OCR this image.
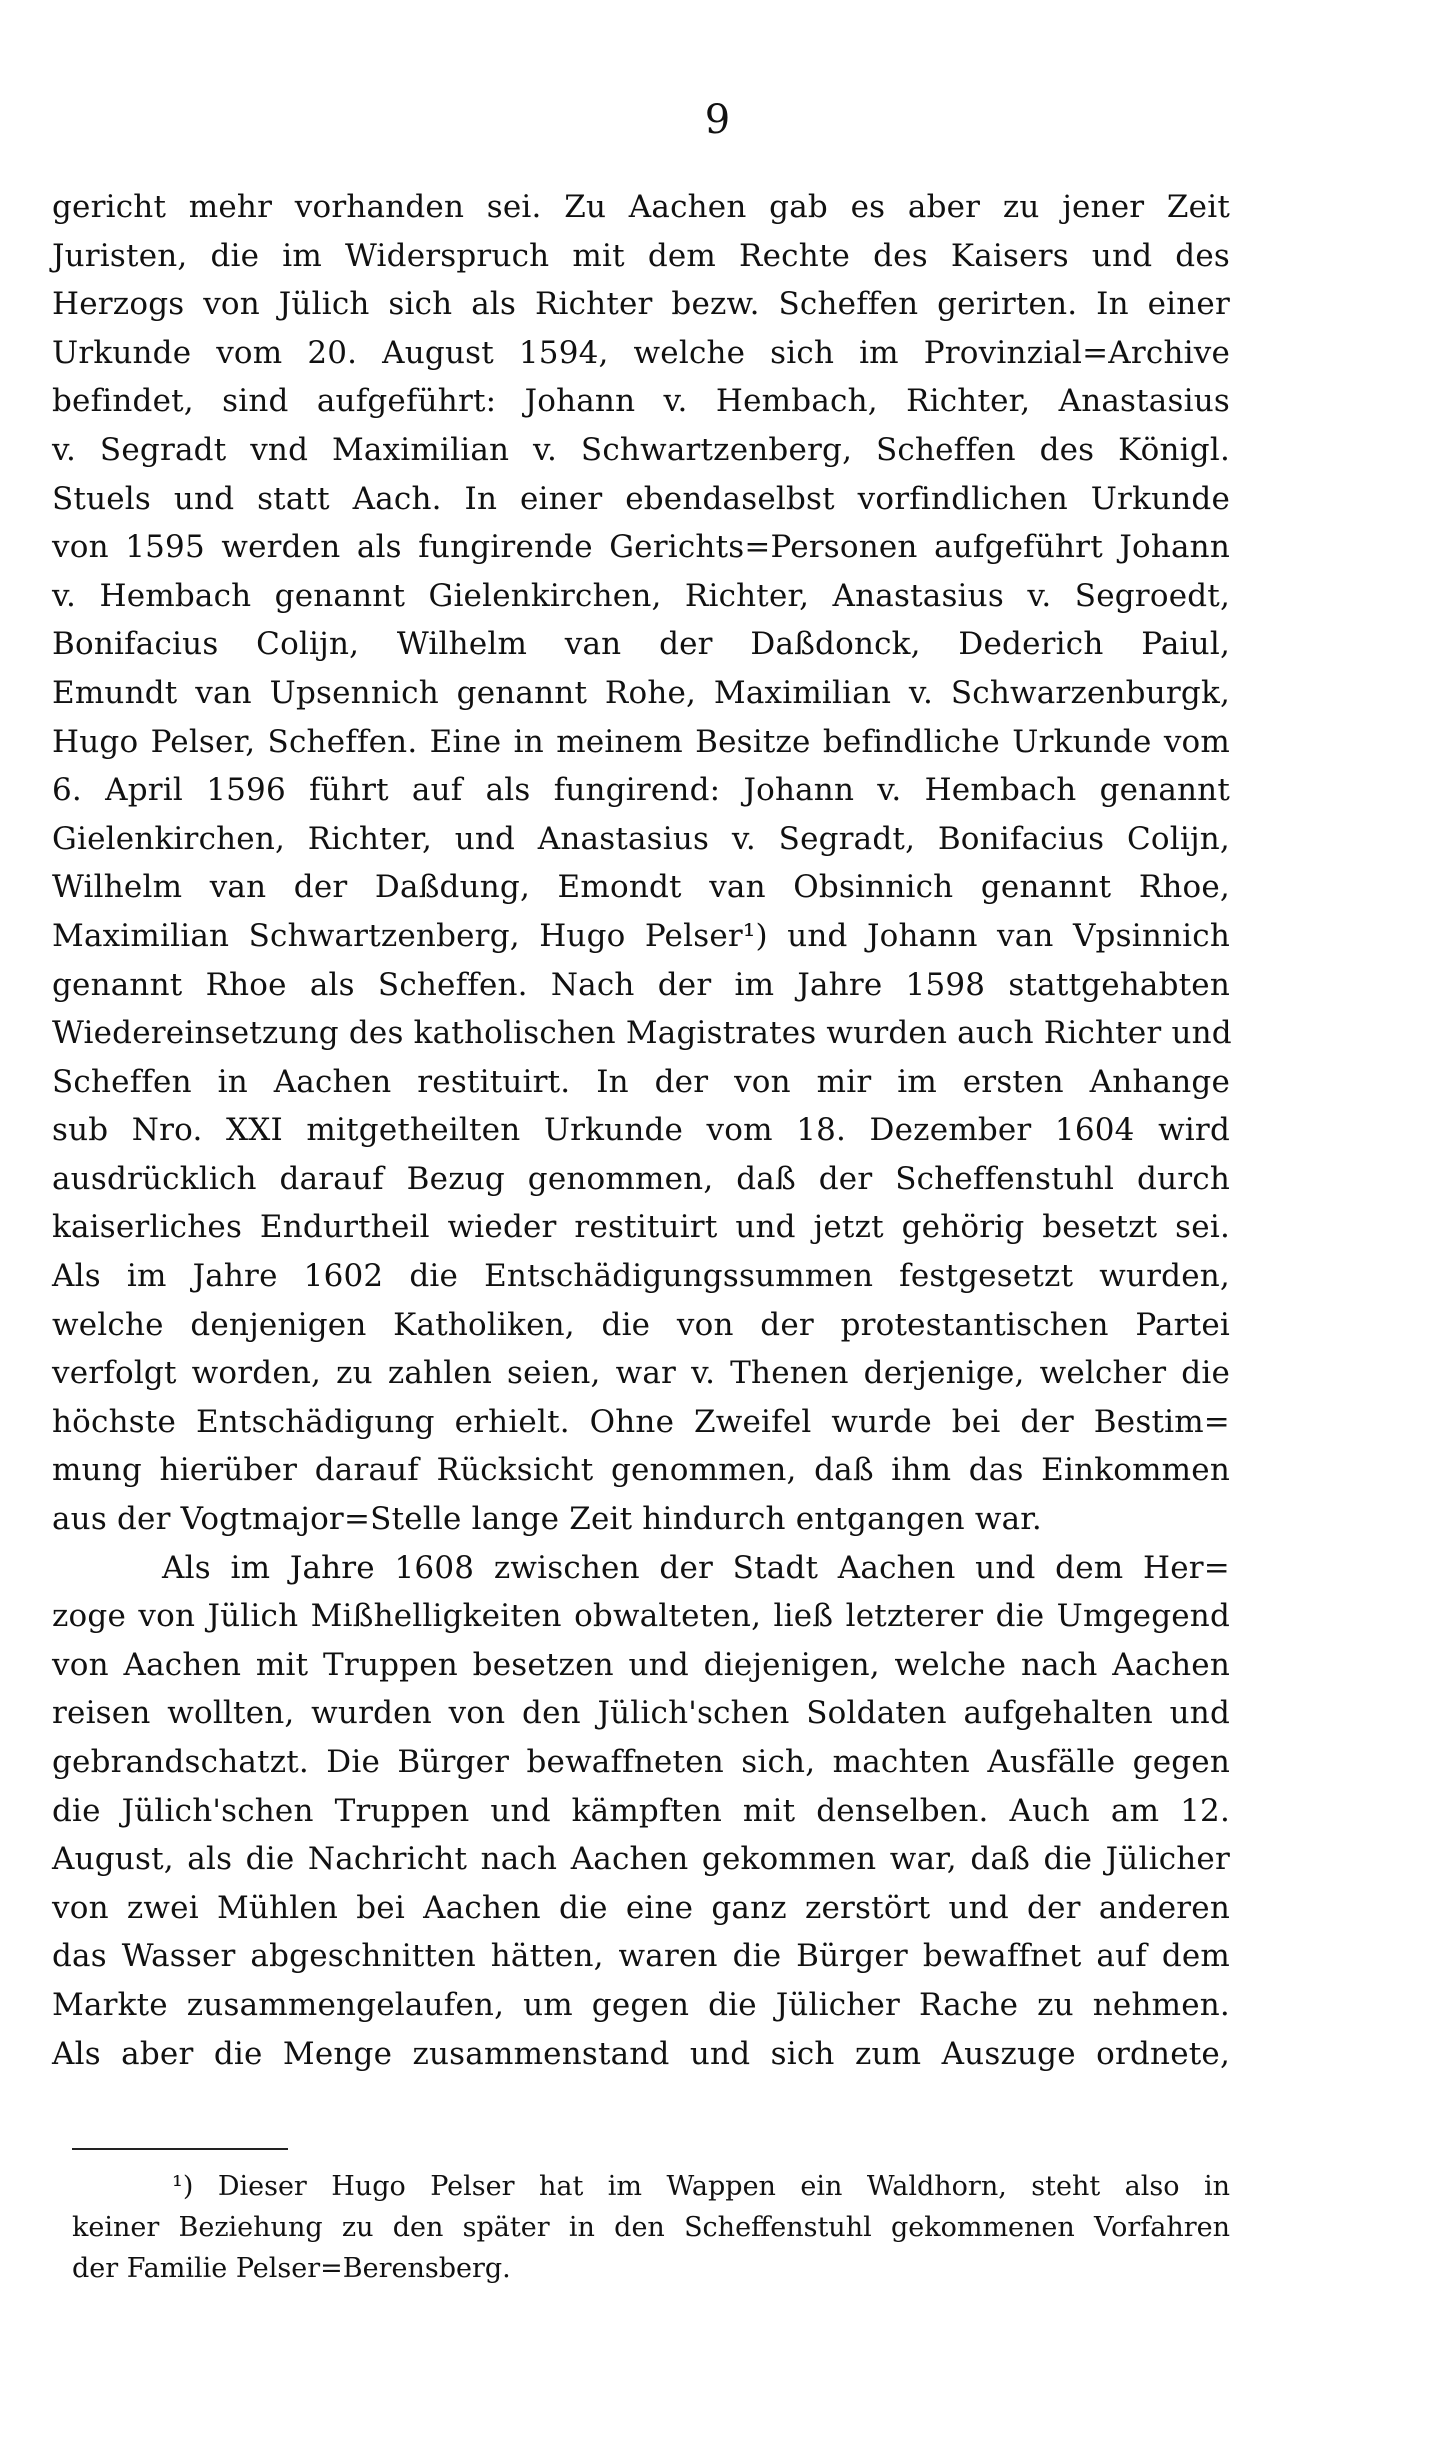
9
gericht mehr vorhanden sei. Zu Aachen gab es aber zu jener Zeit
Juristen, die im Widerspruch mit dem Rechte des Kaisers und des
Herzogs von Jülich sich als Richter bezw. Scheffen gerirten. In einer
Urkunde vom 20. August 1594, welche sich im Provinzial=Archive
befindet, sind aufgeführt: Johann v. Hembach, Richter, Anastasius
v. Segradt vnd Maximilian v. Schwartzenberg, Scheffen des Königl.
Stuels und statt Aach. In einer ebendaselbst vorfindlichen Urkunde
von 1595 werden als fungirende Gerichts=Personen aufgeführt Johann
v. Hembach genannt Gielenkirchen, Richter, Anastasius v. Segroedt,
Bonifacius Colijn, Wilhelm van der Daßdonck, Dederich Paiul,
Emundt van Upsennich genannt Rohe, Maximilian v. Schwarzenburgk,
Hugo Pelser, Scheffen. Eine in meinem Besitze befindliche Urkunde vom
6. April 1596 führt auf als fungirend: Johann v. Hembach genannt
Gielenkirchen, Richter, und Anastasius v. Segradt, Bonifacius Colijn,
Wilhelm van der Daßdung, Emondt van Obsinnich genannt Rhoe,
Maximilian Schwartzenberg, Hugo Pelser¹) und Johann van Vpsinnich
genannt Rhoe als Scheffen. Nach der im Jahre 1598 stattgehabten
Wiedereinsetzung des katholischen Magistrates wurden auch Richter und
Scheffen in Aachen restituirt. In der von mir im ersten Anhange
sub Nro. XXI mitgetheilten Urkunde vom 18. Dezember 1604 wird
ausdrücklich darauf Bezug genommen, daß der Scheffenstuhl durch
kaiserliches Endurtheil wieder restituirt und jetzt gehörig besetzt sei.
Als im Jahre 1602 die Entschädigungssummen festgesetzt wurden,
welche denjenigen Katholiken, die von der protestantischen Partei
verfolgt worden, zu zahlen seien, war v. Thenen derjenige, welcher die
höchste Entschädigung erhielt. Ohne Zweifel wurde bei der Bestim=
mung hierüber darauf Rücksicht genommen, daß ihm das Einkommen
aus der Vogtmajor=Stelle lange Zeit hindurch entgangen war.
Als im Jahre 1608 zwischen der Stadt Aachen und dem Her=
zoge von Jülich Mißhelligkeiten obwalteten, ließ letzterer die Umgegend
von Aachen mit Truppen besetzen und diejenigen, welche nach Aachen
reisen wollten, wurden von den Jülich'schen Soldaten aufgehalten und
gebrandschatzt. Die Bürger bewaffneten sich, machten Ausfälle gegen
die Jülich'schen Truppen und kämpften mit denselben. Auch am 12.
August, als die Nachricht nach Aachen gekommen war, daß die Jülicher
von zwei Mühlen bei Aachen die eine ganz zerstört und der anderen
das Wasser abgeschnitten hätten, waren die Bürger bewaffnet auf dem
Markte zusammengelaufen, um gegen die Jülicher Rache zu nehmen.
Als aber die Menge zusammenstand und sich zum Auszuge ordnete,
¹) Dieser Hugo Pelser hat im Wappen ein Waldhorn, steht also in
keiner Beziehung zu den später in den Scheffenstuhl gekommenen Vorfahren
der Familie Pelser=Berensberg.
